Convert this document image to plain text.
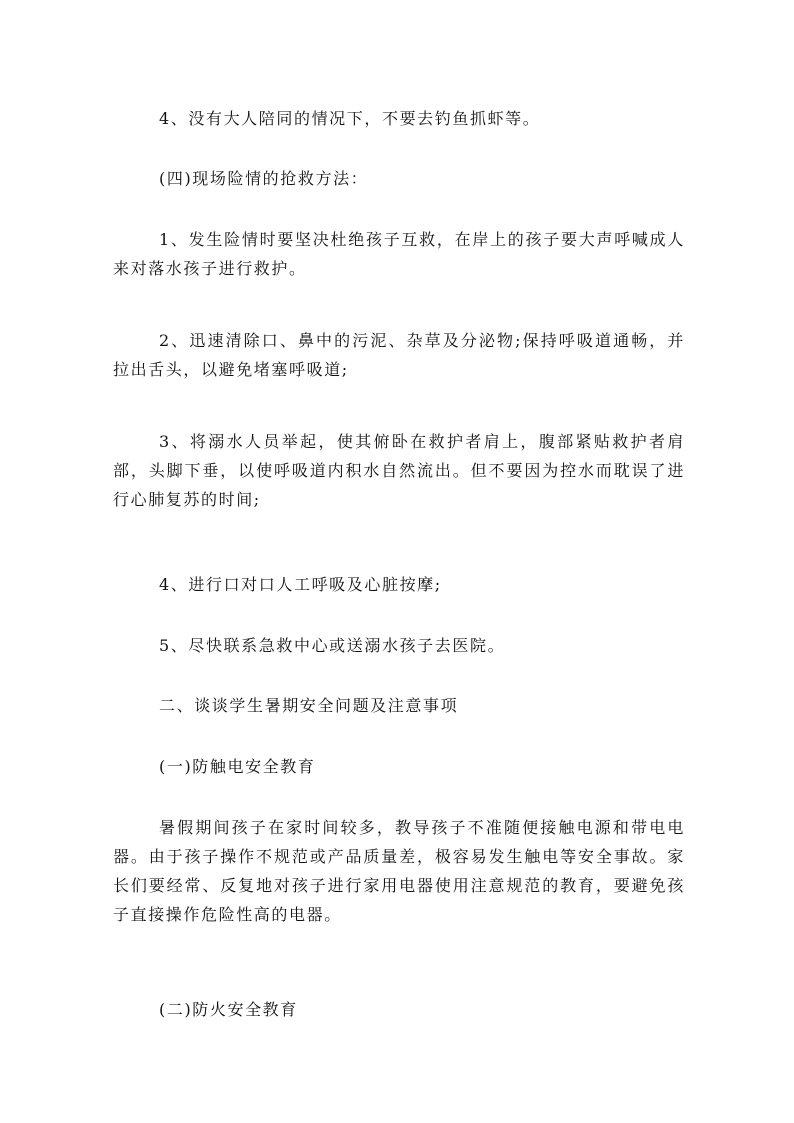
4、没有大人陪同的情况下，不要去钓鱼抓虾等。

(四)现场险情的抢救方法：

1、发生险情时要坚决杜绝孩子互救，在岸上的孩子要大声呼喊成人来对落水孩子进行救护。

2、迅速清除口、鼻中的污泥、杂草及分泌物;保持呼吸道通畅，并拉出舌头，以避免堵塞呼吸道;

3、将溺水人员举起，使其俯卧在救护者肩上，腹部紧贴救护者肩部，头脚下垂，以使呼吸道内积水自然流出。但不要因为控水而耽误了进行心肺复苏的时间;

4、进行口对口人工呼吸及心脏按摩;

5、尽快联系急救中心或送溺水孩子去医院。

二、谈谈学生暑期安全问题及注意事项

(一)防触电安全教育

暑假期间孩子在家时间较多，教导孩子不准随便接触电源和带电电器。由于孩子操作不规范或产品质量差，极容易发生触电等安全事故。家长们要经常、反复地对孩子进行家用电器使用注意规范的教育，要避免孩子直接操作危险性高的电器。

(二)防火安全教育
